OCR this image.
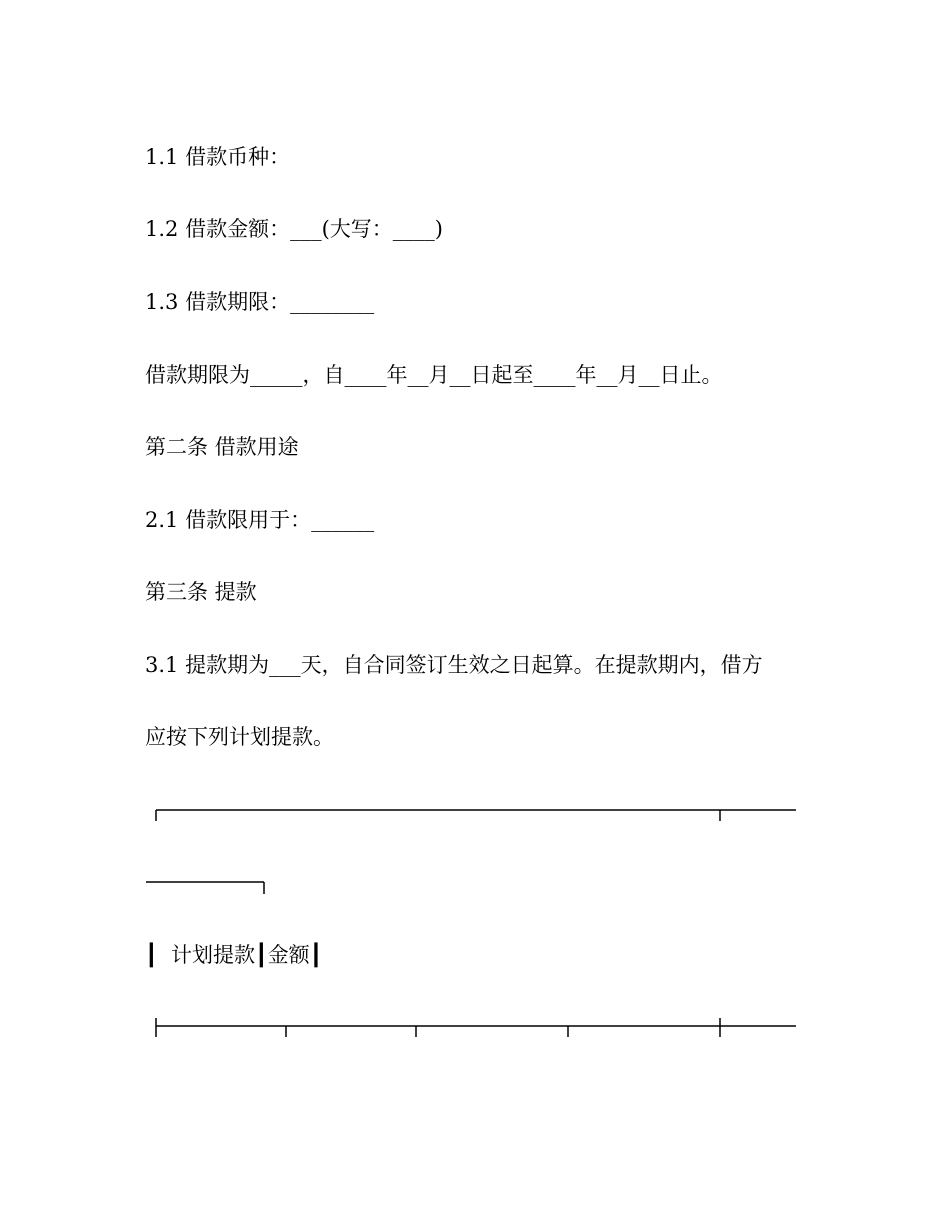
1.1 借款币种：

1.2 借款金额：___(大写：____)

1.3 借款期限：________

借款期限为_____，自____年__月__日起至____年__月__日止。

第二条 借款用途

2.1 借款限用于：______

第三条 提款

3.1 提款期为___天，自合同签订生效之日起算。在提款期内，借方

应按下列计划提款。

┃  计划提款┃金额┃
